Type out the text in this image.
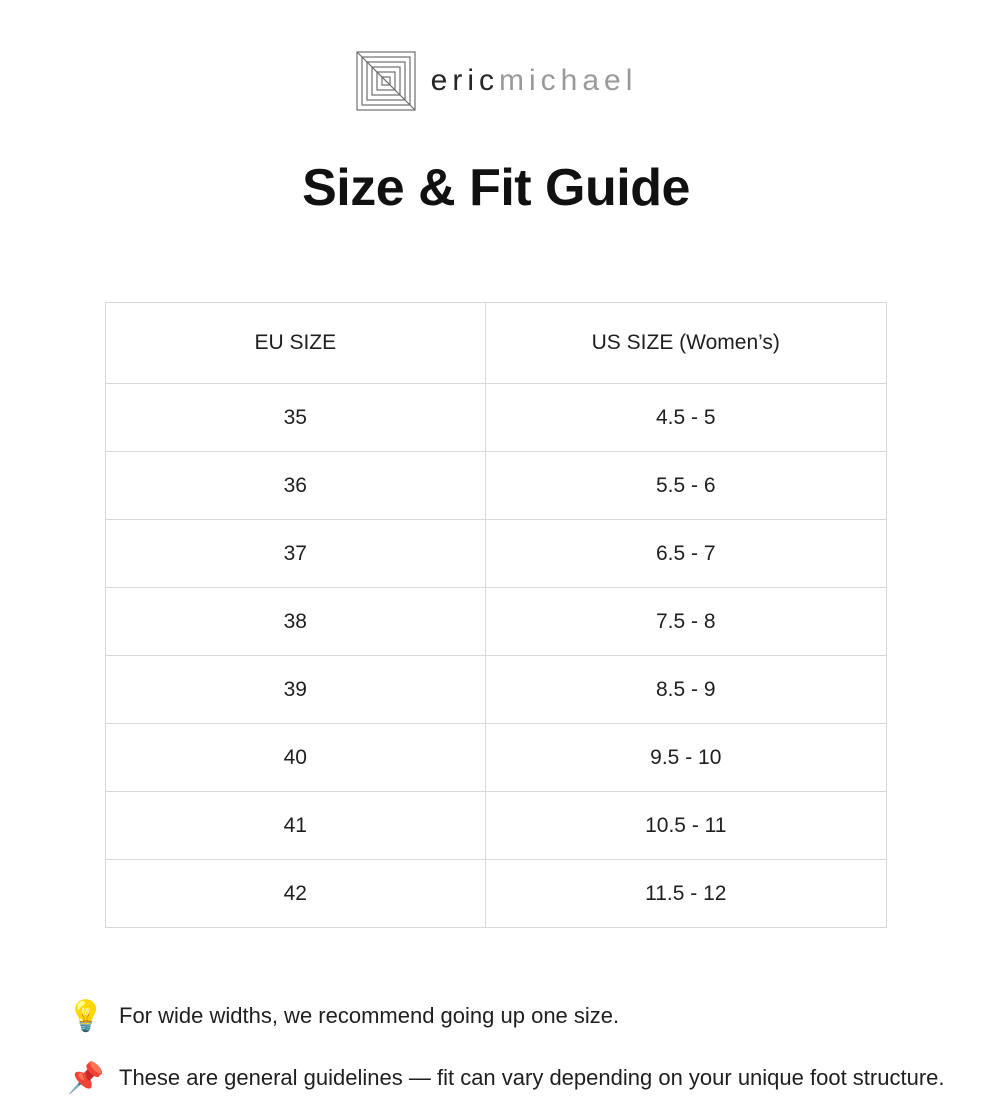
eric michael
Size & Fit Guide
EU SIZE	US SIZE (Women’s)
35	4.5 - 5
36	5.5 - 6
37	6.5 - 7
38	7.5 - 8
39	8.5 - 9
40	9.5 - 10
41	10.5 - 11
42	11.5 - 12
💡 For wide widths, we recommend going up one size.
📌 These are general guidelines — fit can vary depending on your unique foot structure.
